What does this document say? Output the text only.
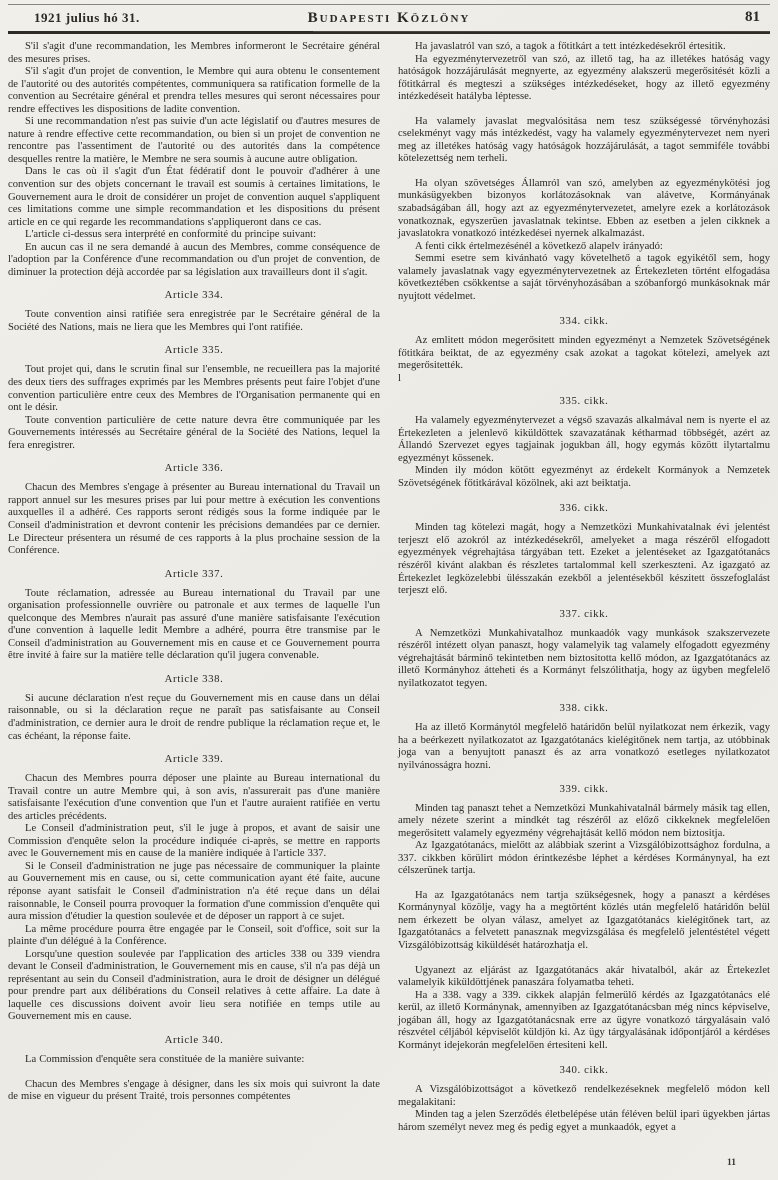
1921 julius hó 31.	Budapesti Közlöny	81

S'il s'agit d'une recommandation, les Membres informeront le Secrétaire général des mesures prises.

S'il s'agit d'un projet de convention, le Membre qui aura obtenu le consentement de l'autorité ou des autorités compétentes, communiquera sa ratification formelle de la convention au Secrétaire général et prendra telles mesures qui seront nécessaires pour rendre effectives les dispositions de ladite convention.

Si une recommandation n'est pas suivie d'un acte législatif ou d'autres mesures de nature à rendre effective cette recommandation, ou bien si un projet de convention ne rencontre pas l'assentiment de l'autorité ou des autorités dans la compétence desquelles rentre la matière, le Membre ne sera soumis à aucune autre obligation.

Dans le cas où il s'agit d'un État fédératif dont le pouvoir d'adhérer à une convention sur des objets concernant le travail est soumis à certaines limitations, le Gouvernement aura le droit de considérer un projet de convention auquel s'appliquent ces limitations comme une simple recommandation et les dispositions du présent article en ce qui regarde les recommandations s'appliqueront dans ce cas.

L'article ci-dessus sera interprété en conformité du principe suivant:

En aucun cas il ne sera demandé à aucun des Membres, comme conséquence de l'adoption par la Conférence d'une recommandation ou d'un projet de convention, de diminuer la protection déjà accordée par sa législation aux travailleurs dont il s'agit.

Article 334.

Toute convention ainsi ratifiée sera enregistrée par le Secrétaire général de la Société des Nations, mais ne liera que les Membres qui l'ont ratifiée.

Article 335.

Tout projet qui, dans le scrutin final sur l'ensemble, ne recueillera pas la majorité des deux tiers des suffrages exprimés par les Membres présents peut faire l'objet d'une convention particulière entre ceux des Membres de l'Organisation permanente qui en ont le désir.

Toute convention particulière de cette nature devra être communiquée par les Gouvernements intéressés au Secrétaire général de la Société des Nations, lequel la fera enregistrer.

Article 336.

Chacun des Membres s'engage à présenter au Bureau international du Travail un rapport annuel sur les mesures prises par lui pour mettre à exécution les conventions auxquelles il a adhéré. Ces rapports seront rédigés sous la forme indiquée par le Conseil d'administration et devront contenir les précisions demandées par ce dernier. Le Directeur présentera un résumé de ces rapports à la plus prochaine session de la Conférence.

Article 337.

Toute réclamation, adressée au Bureau international du Travail par une organisation professionnelle ouvrière ou patronale et aux termes de laquelle l'un quelconque des Membres n'aurait pas assuré d'une manière satisfaisante l'exécution d'une convention à laquelle ledit Membre a adhéré, pourra être transmise par le Conseil d'administration au Gouvernement mis en cause et ce Gouvernement pourra être invité à faire sur la matière telle déclaration qu'il jugera convenable.

Article 338.

Si aucune déclaration n'est reçue du Gouvernement mis en cause dans un délai raisonnable, ou si la déclaration reçue ne paraît pas satisfaisante au Conseil d'administration, ce dernier aura le droit de rendre publique la réclamation reçue et, le cas échéant, la réponse faite.

Article 339.

Chacun des Membres pourra déposer une plainte au Bureau international du Travail contre un autre Membre qui, à son avis, n'assurerait pas d'une manière satisfaisante l'exécution d'une convention que l'un et l'autre auraient ratifiée en vertu des articles précédents.

Le Conseil d'administration peut, s'il le juge à propos, et avant de saisir une Commission d'enquête selon la procédure indiquée ci-après, se mettre en rapports avec le Gouvernement mis en cause de la manière indiquée à l'article 337.

Si le Conseil d'administration ne juge pas nécessaire de communiquer la plainte au Gouvernement mis en cause, ou si, cette communication ayant été faite, aucune réponse ayant satisfait le Conseil d'administration n'a été reçue dans un délai raisonnable, le Conseil pourra provoquer la formation d'une commission d'enquête qui aura mission d'étudier la question soulevée et de déposer un rapport à ce sujet.

La même procédure pourra être engagée par le Conseil, soit d'office, soit sur la plainte d'un délégué à la Conférence.

Lorsqu'une question soulevée par l'application des articles 338 ou 339 viendra devant le Conseil d'administration, le Gouvernement mis en cause, s'il n'a pas déjà un représentant au sein du Conseil d'administration, aura le droit de désigner un délégué pour prendre part aux délibérations du Conseil relatives à cette affaire. La date à laquelle ces discussions doivent avoir lieu sera notifiée en temps utile au Gouvernement mis en cause.

Article 340.

La Commission d'enquête sera constituée de la manière suivante:

Chacun des Membres s'engage à désigner, dans les six mois qui suivront la date de mise en vigueur du présent Traité, trois personnes compétentes

Ha javaslatról van szó, a tagok a főtitkárt a tett intézkedésekről értesitik.

Ha egyezménytervezetről van szó, az illető tag, ha az illetékes hatóság vagy hatóságok hozzájárulását megnyerte, az egyezmény alakszerü megerősitését közli a főtitkárral és megteszi a szükséges intézkedéseket, hogy az illető egyezmény intézkedéseit hatályba léptesse.

Ha valamely javaslat megvalósitása nem tesz szükségessé törvényhozási cselekményt vagy más intézkedést, vagy ha valamely egyezménytervezet nem nyeri meg az illetékes hatóság vagy hatóságok hozzájárulását, a tagot semmiféle további kötelezettség nem terheli.

Ha olyan szövetséges Államról van szó, amelyben az egyezménykötési jog munkásügyekben bizonyos korlátozásoknak van alávetve, Kormányának szabadságában áll, hogy azt az egyezménytervezetet, amelyre ezek a korlátozások vonatkoznak, egyszerüen javaslatnak tekintse. Ebben az esetben a jelen cikknek a javaslatokra vonatkozó intézkedései nyernek alkalmazást.

A fenti cikk értelmezésénél a következő alapelv irányadó:

Semmi esetre sem kivánható vagy követelhető a tagok egyikétől sem, hogy valamely javaslatnak vagy egyezménytervezetnek az Értekezleten történt elfogadása következtében csökkentse a saját törvényhozásában a szóbanforgó munkásoknak már nyujtott védelmet.

334. cikk.

Az emlitett módon megerősitett minden egyezményt a Nemzetek Szövetségének főtitkára beiktat, de az egyezmény csak azokat a tagokat kötelezi, amelyek azt megerősitették.

l

335. cikk.

Ha valamely egyezménytervezet a végső szavazás alkalmával nem is nyerte el az Értekezleten a jelenlevő kiküldöttek szavazatának kétharmad többségét, azért az Állandó Szervezet egyes tagjainak jogukban áll, hogy egymás között ilytartalmu egyezményt kössenek.

Minden ily módon kötött egyezményt az érdekelt Kormányok a Nemzetek Szövetségének főtitkárával közölnek, aki azt beiktatja.

336. cikk.

Minden tag kötelezi magát, hogy a Nemzetközi Munkahivatalnak évi jelentést terjeszt elő azokról az intézkedésekről, amelyeket a maga részéről elfogadott egyezmények végrehajtása tárgyában tett. Ezeket a jelentéseket az Igazgatótanács részéről kivánt alakban és részletes tartalommal kell szerkeszteni. Az igazgató az Értekezlet legközelebbi ülésszakán ezekből a jelentésekből készitett összefoglalást terjeszt elő.

337. cikk.

A Nemzetközi Munkahivatalhoz munkaadók vagy munkások szakszervezete részéről intézett olyan panaszt, hogy valamelyik tag valamely elfogadott egyezmény végrehajtását bárminő tekintetben nem biztositotta kellő módon, az Igazgatótanács az illető Kormányhoz átteheti és a Kormányt felszólithatja, hogy az ügyben megfelelő nyilatkozatot tegyen.

338. cikk.

Ha az illető Kormánytól megfelelő határidőn belül nyilatkozat nem érkezik, vagy ha a beérkezett nyilatkozatot az Igazgatótanács kielégitőnek nem tartja, az utóbbinak joga van a benyujtott panaszt és az arra vonatkozó esetleges nyilatkozatot nyilvánosságra hozni.

339. cikk.

Minden tag panaszt tehet a Nemzetközi Munkahivatalnál bármely másik tag ellen, amely nézete szerint a mindkét tag részéről az előző cikkeknek megfelelően megerősitett valamely egyezmény végrehajtását kellő módon nem biztositja.

Az Igazgatótanács, mielőtt az alábbiak szerint a Vizsgálóbizottsághoz fordulna, a 337. cikkben körülirt módon érintkezésbe léphet a kérdéses Kormánynyal, ha ezt célszerünek tartja.

Ha az Igazgatótanács nem tartja szükségesnek, hogy a panaszt a kérdéses Kormánynyal közölje, vagy ha a megtörtént közlés után megfelelő határidőn belül nem érkezett be olyan válasz, amelyet az Igazgatótanács kielégitőnek tart, az Igazgatótanács a felvetett panasznak megvizsgálása és megfelelő jelentéstétel végett Vizsgálóbizottság kiküldését határozhatja el.

Ugyanezt az eljárást az Igazgatótanács akár hivatalból, akár az Értekezlet valamelyik kiküldöttjének panaszára folyamatba teheti.

Ha a 338. vagy a 339. cikkek alapján felmerülő kérdés az Igazgatótanács elé kerül, az illető Kormánynak, amennyiben az Igazgatótanácsban még nincs képviselve, jogában áll, hogy az Igazgatótanácsnak erre az ügyre vonatkozó tárgyalásain való részvétel céljából képviselőt küldjön ki. Az ügy tárgyalásának időpontjáról a kérdéses Kormányt idejekorán megfelelően értesiteni kell.

340. cikk.

A Vizsgálóbizottságot a következő rendelkezéseknek megfelelő módon kell megalakitani:

Minden tag a jelen Szerződés életbelépése után féléven belül ipari ügyekben jártas három személyt nevez meg és pedig egyet a munkaadók, egyet a

11
